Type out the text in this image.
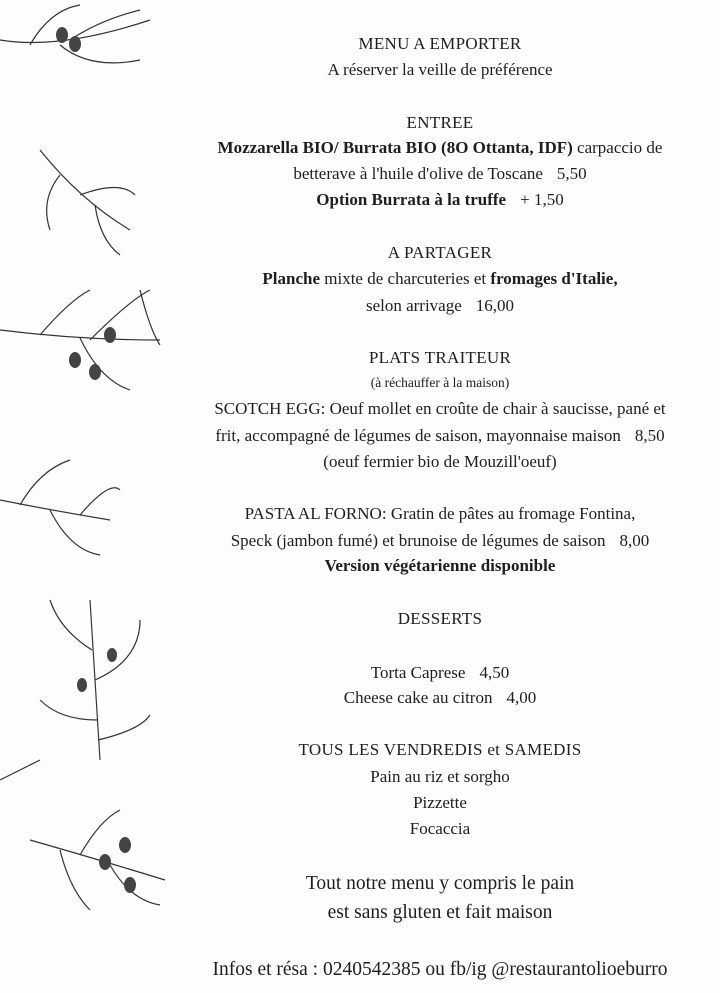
MENU A EMPORTER
A réserver la veille de préférence
ENTREE
Mozzarella BIO/ Burrata BIO (8O Ottanta, IDF) carpaccio de
betterave à l'huile d'olive de Toscane 5,50
Option Burrata à la truffe + 1,50
A PARTAGER
Planche mixte de charcuteries et fromages d'Italie,
selon arrivage 16,00
PLATS TRAITEUR
(à réchauffer à la maison)
SCOTCH EGG: Oeuf mollet en croûte de chair à saucisse, pané et
frit, accompagné de légumes de saison, mayonnaise maison 8,50
(oeuf fermier bio de Mouzill'oeuf)
PASTA AL FORNO: Gratin de pâtes au fromage Fontina,
Speck (jambon fumé) et brunoise de légumes de saison 8,00
Version végétarienne disponible
DESSERTS
Torta Caprese 4,50
Cheese cake au citron 4,00
TOUS LES VENDREDIS et SAMEDIS
Pain au riz et sorgho
Pizzette
Focaccia
Tout notre menu y compris le pain
est sans gluten et fait maison
Infos et résa : 0240542385 ou fb/ig @restaurantolioeburro
